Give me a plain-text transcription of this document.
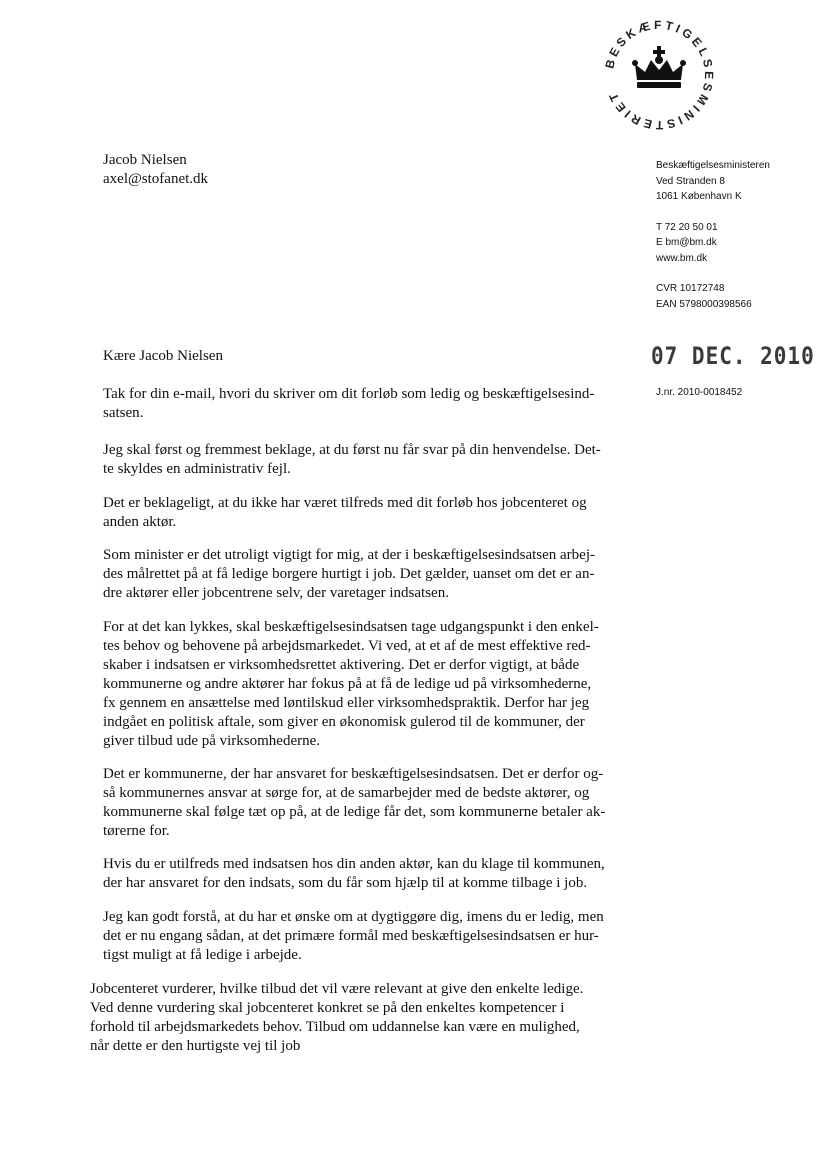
BESKÆFTIGELSESMINISTERIET
Jacob Nielsen
axel@stofanet.dk
Beskæftigelsesministeren
Ved Stranden 8
1061 København K
T 72 20 50 01
E bm@bm.dk
www.bm.dk
CVR 10172748
EAN 5798000398566
07 DEC. 2010
J.nr. 2010-0018452
Kære Jacob Nielsen
Tak for din e-mail, hvori du skriver om dit forløb som ledig og beskæftigelsesind-
satsen.
Jeg skal først og fremmest beklage, at du først nu får svar på din henvendelse. Det-
te skyldes en administrativ fejl.
Det er beklageligt, at du ikke har været tilfreds med dit forløb hos jobcenteret og
anden aktør.
Som minister er det utroligt vigtigt for mig, at der i beskæftigelsesindsatsen arbej-
des målrettet på at få ledige borgere hurtigt i job. Det gælder, uanset om det er an-
dre aktører eller jobcentrene selv, der varetager indsatsen.
For at det kan lykkes, skal beskæftigelsesindsatsen tage udgangspunkt i den enkel-
tes behov og behovene på arbejdsmarkedet. Vi ved, at et af de mest effektive red-
skaber i indsatsen er virksomhedsrettet aktivering. Det er derfor vigtigt, at både
kommunerne og andre aktører har fokus på at få de ledige ud på virksomhederne,
fx gennem en ansættelse med løntilskud eller virksomhedspraktik. Derfor har jeg
indgået en politisk aftale, som giver en økonomisk gulerod til de kommuner, der
giver tilbud ude på virksomhederne.
Det er kommunerne, der har ansvaret for beskæftigelsesindsatsen. Det er derfor og-
så kommunernes ansvar at sørge for, at de samarbejder med de bedste aktører, og
kommunerne skal følge tæt op på, at de ledige får det, som kommunerne betaler ak-
tørerne for.
Hvis du er utilfreds med indsatsen hos din anden aktør, kan du klage til kommunen,
der har ansvaret for den indsats, som du får som hjælp til at komme tilbage i job.
Jeg kan godt forstå, at du har et ønske om at dygtiggøre dig, imens du er ledig, men
det er nu engang sådan, at det primære formål med beskæftigelsesindsatsen er hur-
tigst muligt at få ledige i arbejde.
Jobcenteret vurderer, hvilke tilbud det vil være relevant at give den enkelte ledige.
Ved denne vurdering skal jobcenteret konkret se på den enkeltes kompetencer i
forhold til arbejdsmarkedets behov. Tilbud om uddannelse kan være en mulighed,
når dette er den hurtigste vej til job
